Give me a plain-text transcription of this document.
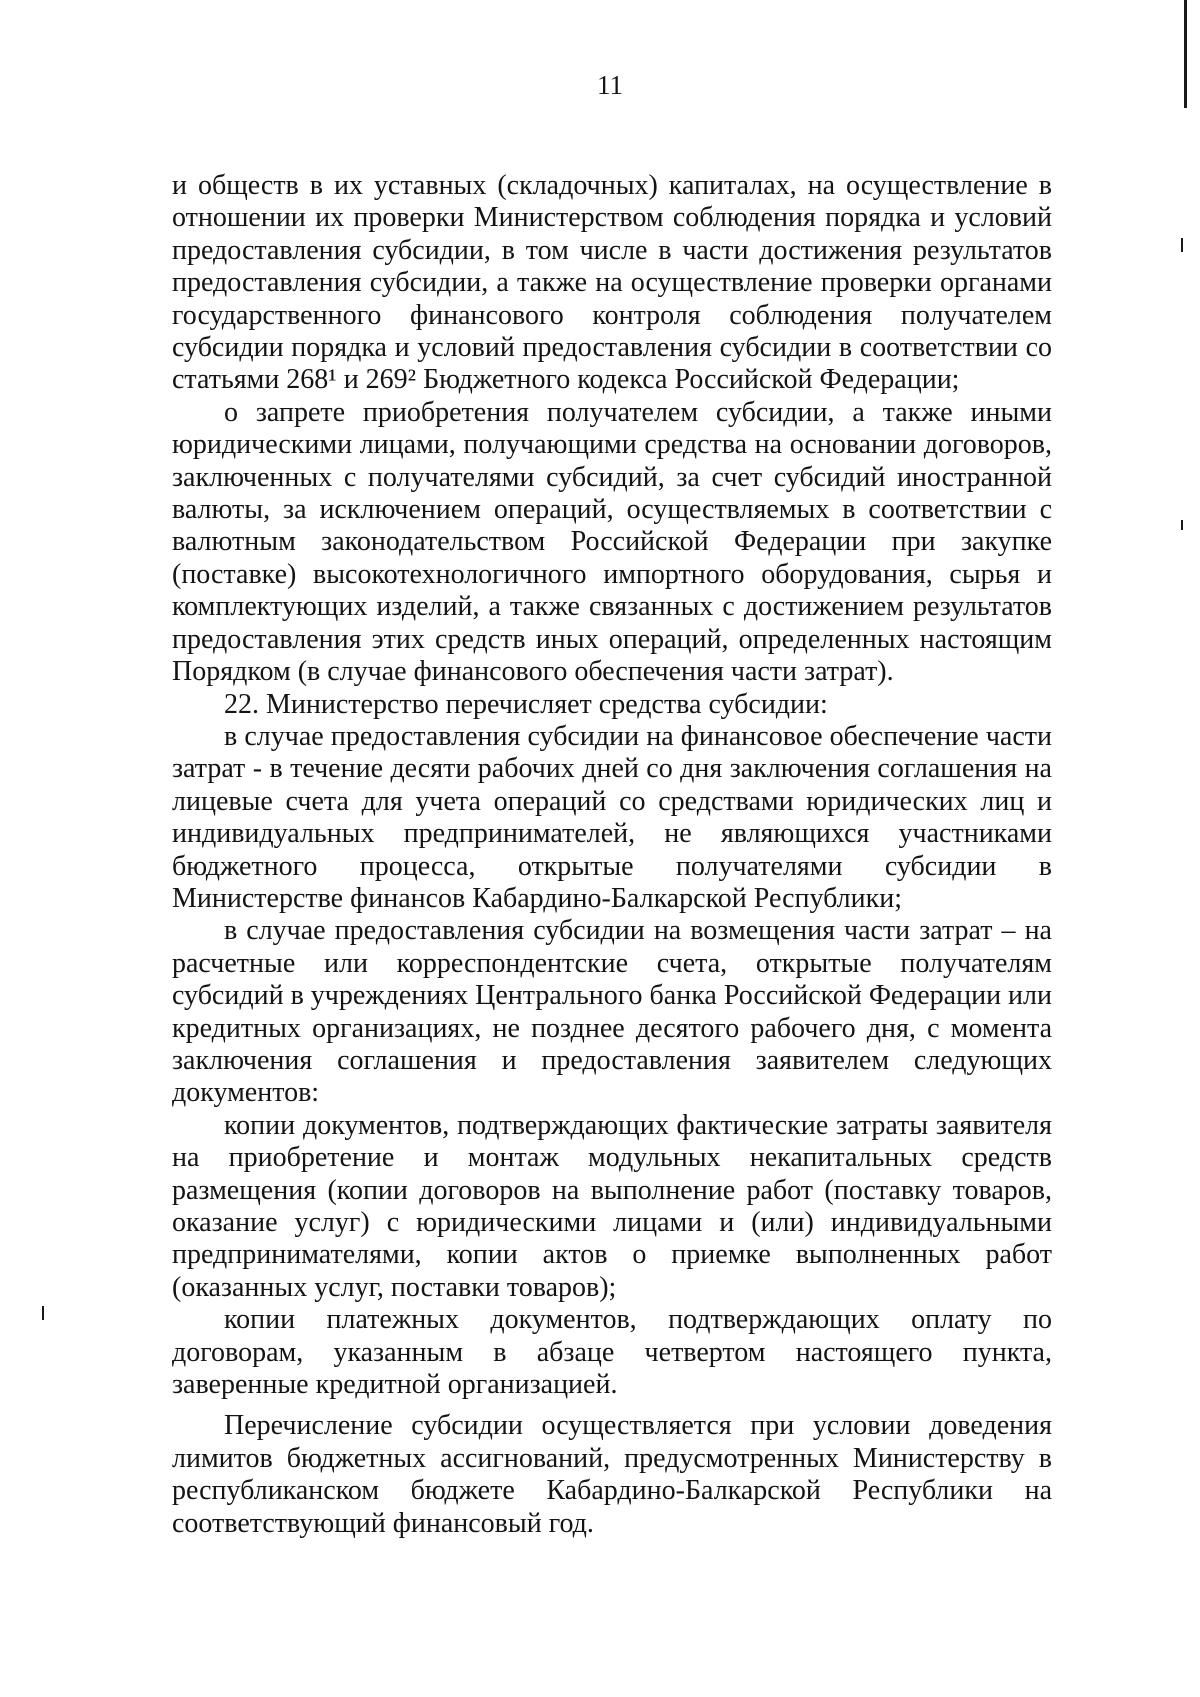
11

и обществ в их уставных (складочных) капиталах, на осуществление в отношении их проверки Министерством соблюдения порядка и условий предоставления субсидии, в том числе в части достижения результатов предоставления субсидии, а также на осуществление проверки органами государственного финансового контроля соблюдения получателем субсидии порядка и условий предоставления субсидии в соответствии со статьями 268¹ и 269² Бюджетного кодекса Российской Федерации;

о запрете приобретения получателем субсидии, а также иными юридическими лицами, получающими средства на основании договоров, заключенных с получателями субсидий, за счет субсидий иностранной валюты, за исключением операций, осуществляемых в соответствии с валютным законодательством Российской Федерации при закупке (поставке) высокотехнологичного импортного оборудования, сырья и комплектующих изделий, а также связанных с достижением результатов предоставления этих средств иных операций, определенных настоящим Порядком (в случае финансового обеспечения части затрат).

22. Министерство перечисляет средства субсидии:

в случае предоставления субсидии на финансовое обеспечение части затрат - в течение десяти рабочих дней со дня заключения соглашения на лицевые счета для учета операций со средствами юридических лиц и индивидуальных предпринимателей, не являющихся участниками бюджетного процесса, открытые получателями субсидии в Министерстве финансов Кабардино-Балкарской Республики;

в случае предоставления субсидии на возмещения части затрат – на расчетные или корреспондентские счета, открытые получателям субсидий в учреждениях Центрального банка Российской Федерации или кредитных организациях, не позднее десятого рабочего дня, с момента заключения соглашения и предоставления заявителем следующих документов:

копии документов, подтверждающих фактические затраты заявителя на приобретение и монтаж модульных некапитальных средств размещения (копии договоров на выполнение работ (поставку товаров, оказание услуг) с юридическими лицами и (или) индивидуальными предпринимателями, копии актов о приемке выполненных работ (оказанных услуг, поставки товаров);

копии платежных документов, подтверждающих оплату по договорам, указанным в абзаце четвертом настоящего пункта, заверенные кредитной организацией.

Перечисление субсидии осуществляется при условии доведения лимитов бюджетных ассигнований, предусмотренных Министерству в республиканском бюджете Кабардино-Балкарской Республики на соответствующий финансовый год.
